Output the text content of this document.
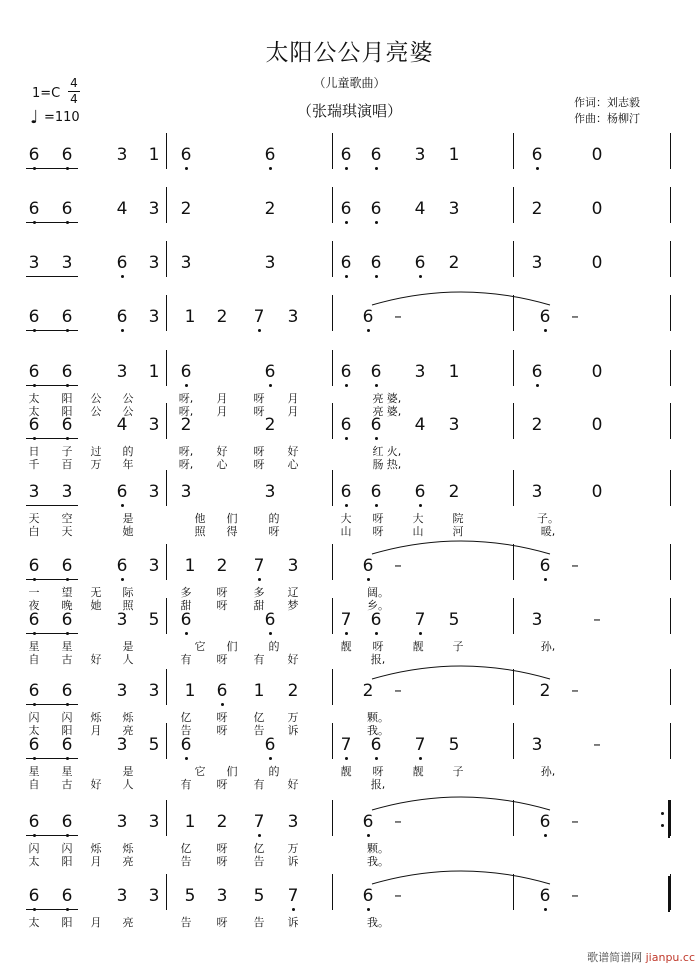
太阳公公月亮婆
（儿童歌曲）
（张瑞琪演唱）
1=C
4
4
♩ =110
作词：刘志毅
作曲：杨柳汀
6 6	3 1 6	6	6 6 3 1	6	0
6 6	4 3 2	2	6 6 4 3	2	0
3 3	6 3 3	3	6 6 6 2	3	0
6 6	6 3 1 2 7 3	6 –	6 –
6 6	3 1 6	6	6 6 3 1	6	0
太 阳 公 公	呀, 月 呀 月	亮 婆,
太 阳 公 公	呀, 月 呀 月	亮 婆,
6 6	4 3 2	2	6 6 4 3	2	0
日 子 过 的	呀, 好 呀 好	红 火,
千 百 万 年	呀, 心 呀 心	肠 热,
3 3	6 3 3	3	6 6 6 2	3	0
天 空	是	他 们	的	大 呀	大	院	子。
白 天	她	照 得	呀	山 呀	山	河	暖,
6 6	6 3 1 2 7 3	6 –	6 –
一 望 无 际	多 呀 多 辽	阔。
夜 晚 她 照	甜 呀 甜 梦	乡。
6 6	3 5 6	6	7 6 7 5	3	–
星 星	是	它 们	的	靓 呀	靓	子	孙,
自 古 好 人	有 呀 有 好	报,
6 6	3 3 1 6 1 2	2 –	2 –
闪 闪 烁 烁	亿 呀 亿 万	颗。
太 阳 月 亮	告 呀 告 诉	我。
6 6	3 5 6	6	7 6 7 5	3	–
星 星	是	它 们	的	靓 呀	靓	子	孙,
自 古 好 人	有 呀 有 好	报,
6 6	3 3 1 2 7 3	6 –	6 –
闪 闪 烁 烁	亿 呀 亿 万	颗。
太 阳 月 亮	告 呀 告 诉	我。
6 6	3 3 5 3 5 7	6 –	6 –
太 阳 月 亮	告 呀 告 诉	我。
歌谱简谱网 jianpu.cc
